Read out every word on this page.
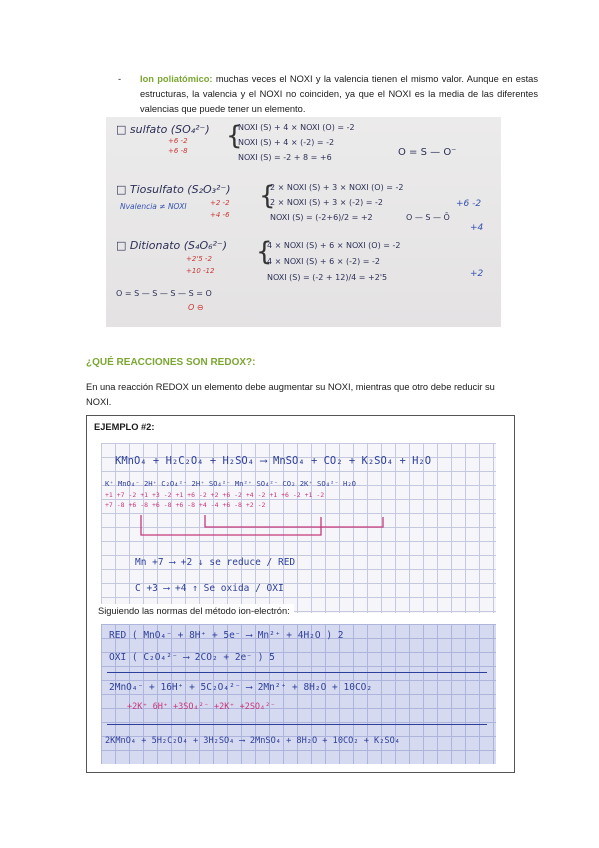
- Ion poliatómico: muchas veces el NOXI y la valencia tienen el mismo valor. Aunque en estas estructuras, la valencia y el NOXI no coinciden, ya que el NOXI es la media de las diferentes valencias que puede tener un elemento.
□ sulfato (SO₄²⁻)
+6 -2
+6 -8 {
NOXI (S) + 4 × NOXI (O) = -2
NOXI (S) + 4 × (-2) = -2
NOXI (S) = -2 + 8 = +6	O = S — O⁻
□ Tiosulfato (S₂O₃²⁻)
Nvalencia ≠ NOXI	+2 -2
+4 -6
{
2 × NOXI (S) + 3 × NOXI (O) = -2
2 × NOXI (S) + 3 × (-2) = -2
NOXI (S) = (-2+6)/2 = +2
+6 -2
+4
+2
O — S — Ō
□ Ditionato (S₄O₆²⁻)
+2'5 -2
+10 -12
{
4 × NOXI (S) + 6 × NOXI (O) = -2
4 × NOXI (S) + 6 × (-2) = -2
NOXI (S) = (-2 + 12)/4 = +2'5
O = S — S — S — S = O
O ⊖
¿QUÉ REACCIONES SON REDOX?:
En una reacción REDOX un elemento debe augmentar su NOXI, mientras que otro debe reducir su NOXI.
EJEMPLO #2:
KMnO₄ + H₂C₂O₄ + H₂SO₄ ⟶ MnSO₄ + CO₂ + K₂SO₄ + H₂O
K⁺ MnO₄⁻ 2H⁺ C₂O₄²⁻ 2H⁺ SO₄²⁻ Mn²⁺ SO₄²⁻ CO₂ 2K⁺ SO₄²⁻ H₂O
+1 +7 -2 +1 +3 -2 +1 +6 -2 +2 +6 -2 +4 -2 +1 +6 -2 +1 -2
+7 -8 +6 -8 +6 -8 +6 -8 +4 -4 +6 -8 +2 -2
Mn +7 ⟶ +2 ↓ se reduce / RED
C +3 ⟶ +4 ↑ Se oxida / OXI
Siguiendo las normas del método ion-electrón:
RED ( MnO₄⁻ + 8H⁺ + 5e⁻ ⟶ Mn²⁺ + 4H₂O ) 2
OXI ( C₂O₄²⁻ ⟶ 2CO₂ + 2e⁻ ) 5
2MnO₄⁻ + 16H⁺ + 5C₂O₄²⁻ ⟶ 2Mn²⁺ + 8H₂O + 10CO₂
+2K⁺ 6H⁺ +3SO₄²⁻ +2K⁺ +2SO₄²⁻
2KMnO₄ + 5H₂C₂O₄ + 3H₂SO₄ ⟶ 2MnSO₄ + 8H₂O + 10CO₂ + K₂SO₄
